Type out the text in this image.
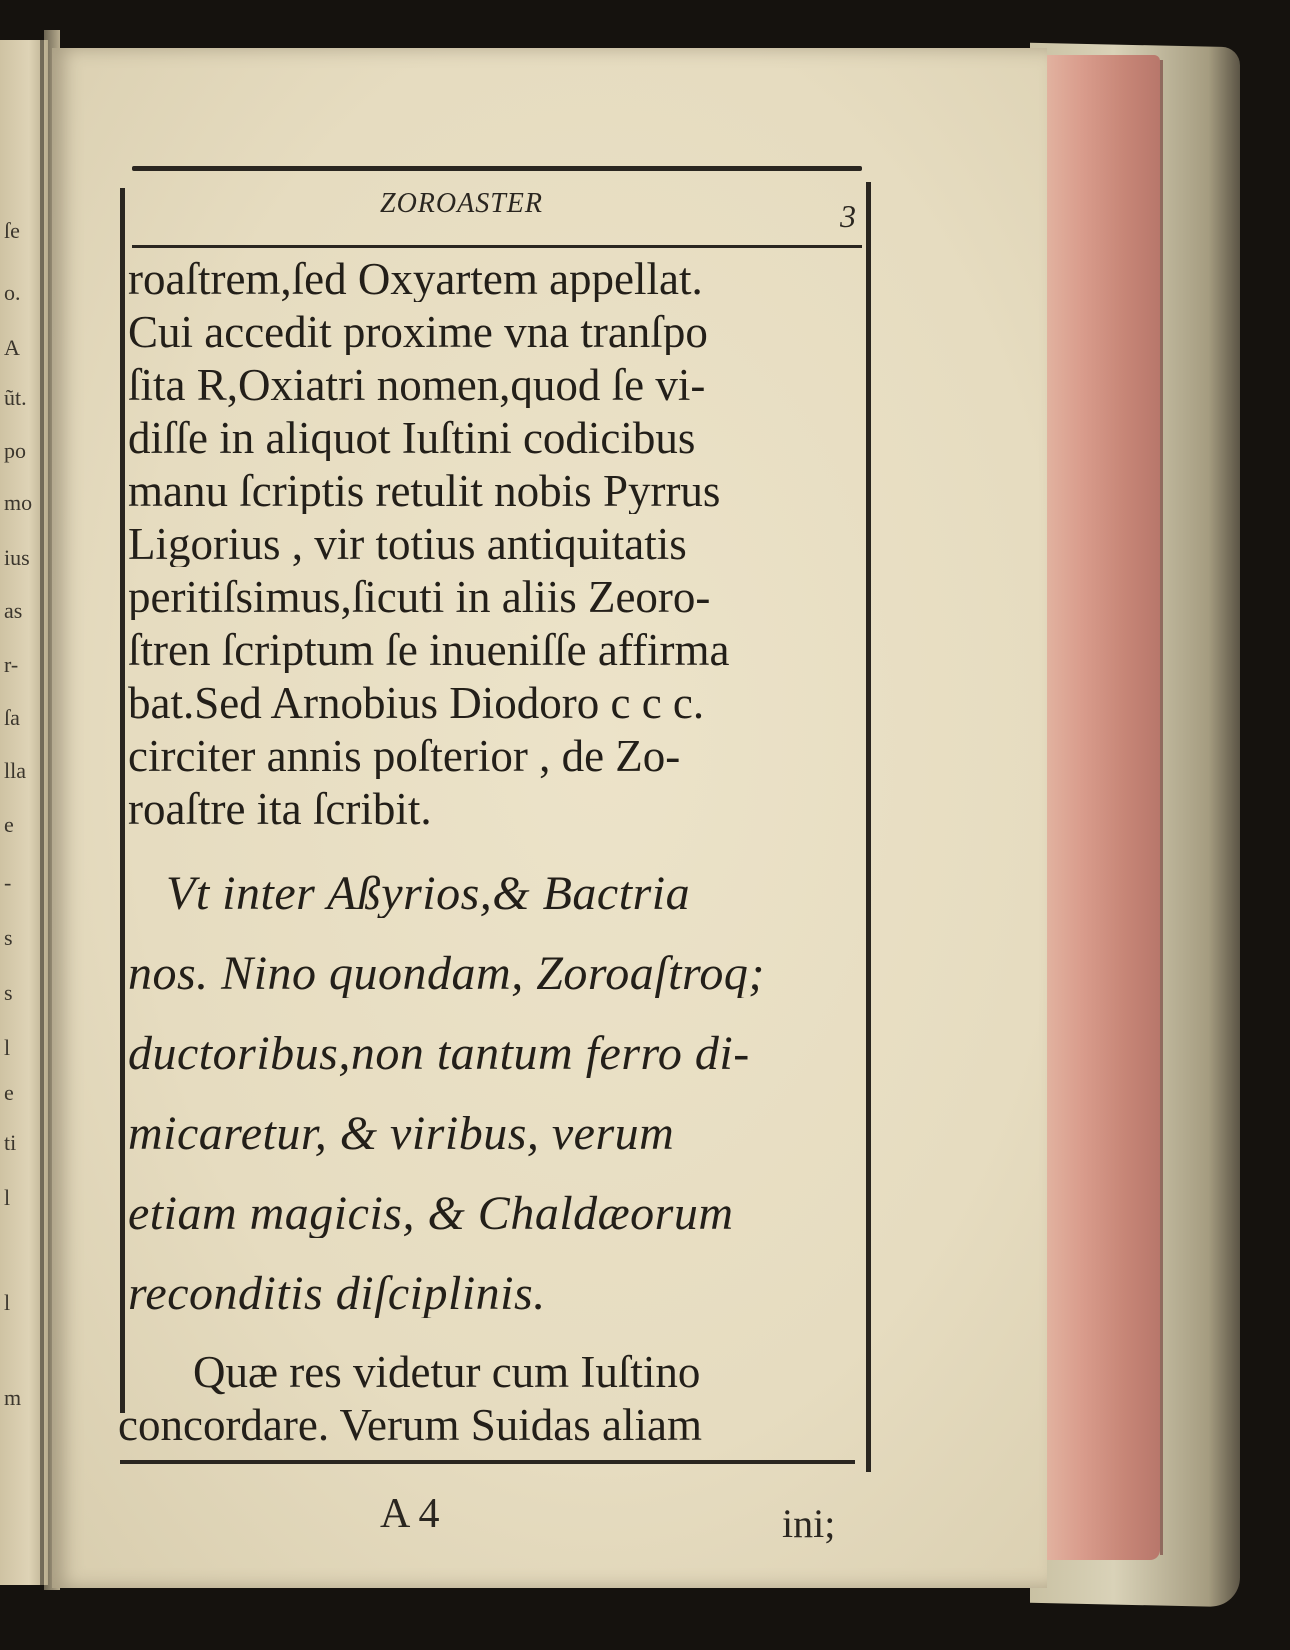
ſe
o.
A
ũt.
po
mo
ius
as
r-
ſa
lla
e
-
s
s
l
e
ti
l
l
m
ZOROASTER	3
roaſtrem,ſed Oxyartem appellat.
Cui accedit proxime vna tranſpo
ſita R,Oxiatri nomen,quod ſe vi-
diſſe in aliquot Iuſtini codicibus
manu ſcriptis retulit nobis Pyrrus
Ligorius , vir totius antiquitatis
peritiſsimus,ſicuti in aliis Zeoro-
ſtren ſcriptum ſe inueniſſe affirma
bat.Sed Arnobius Diodoro c c c.
circiter annis poſterior , de Zo-
roaſtre ita ſcribit.
Vt inter Aßyrios,& Bactria
nos. Nino quondam, Zoroaſtroq;
ductoribus,non tantum ferro di-
micaretur, & viribus, verum
etiam magicis, & Chaldæorum
reconditis diſciplinis.
Quæ res videtur cum Iuſtino
concordare. Verum Suidas aliam
A 4	ini;
